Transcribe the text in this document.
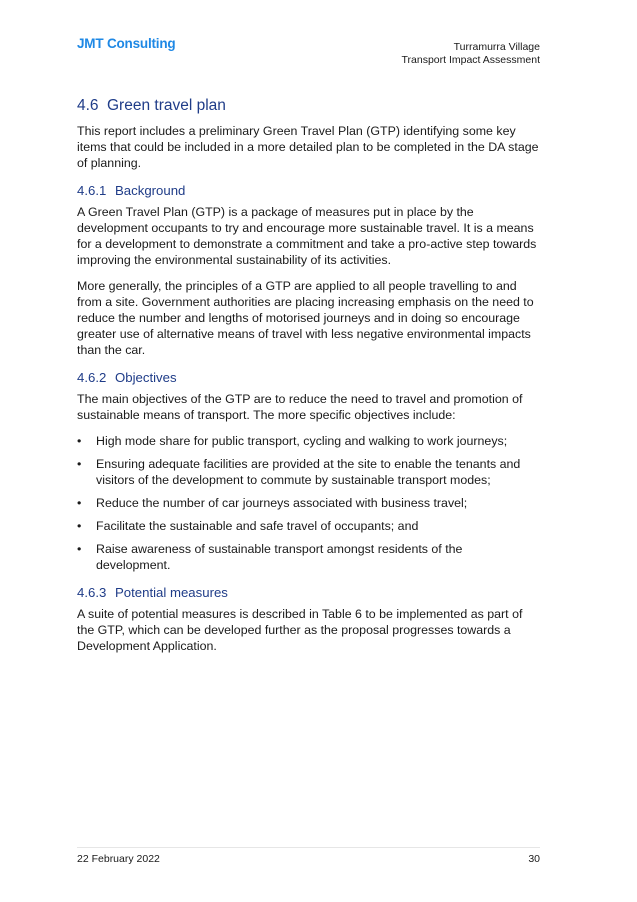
JMT Consulting	Turramurra Village
Transport Impact Assessment
4.6 Green travel plan

This report includes a preliminary Green Travel Plan (GTP) identifying some key items that could be included in a more detailed plan to be completed in the DA stage of planning.

4.6.1 Background

A Green Travel Plan (GTP) is a package of measures put in place by the development occupants to try and encourage more sustainable travel. It is a means for a development to demonstrate a commitment and take a pro-active step towards improving the environmental sustainability of its activities.

More generally, the principles of a GTP are applied to all people travelling to and from a site. Government authorities are placing increasing emphasis on the need to reduce the number and lengths of motorised journeys and in doing so encourage greater use of alternative means of travel with less negative environmental impacts than the car.

4.6.2 Objectives

The main objectives of the GTP are to reduce the need to travel and promotion of sustainable means of transport. The more specific objectives include:

• High mode share for public transport, cycling and walking to work journeys;
• Ensuring adequate facilities are provided at the site to enable the tenants and visitors of the development to commute by sustainable transport modes;
• Reduce the number of car journeys associated with business travel;
• Facilitate the sustainable and safe travel of occupants; and
• Raise awareness of sustainable transport amongst residents of the development.
4.6.3 Potential measures

A suite of potential measures is described in Table 6 to be implemented as part of the GTP, which can be developed further as the proposal progresses towards a Development Application.

22 February 2022	30
